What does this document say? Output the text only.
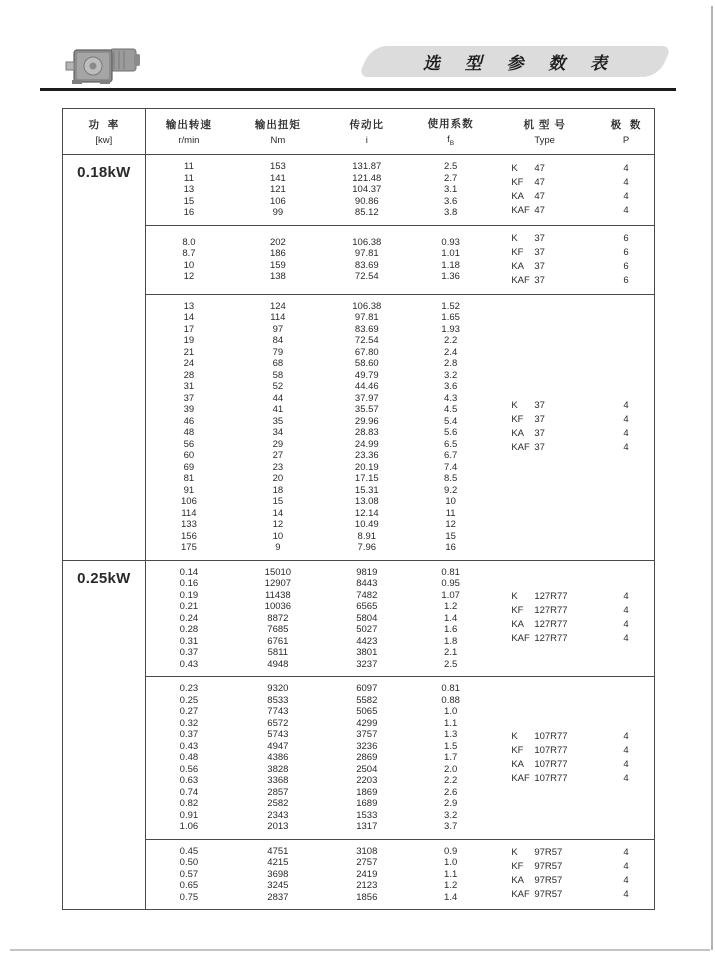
选 型 参 数 表
功  率
[kw]
输出转速
r/min
输出扭矩
Nm
传动比
i
使用系数
$f_B$
机 型 号
Type
极  数
P
0.18kW	11
11
13
15
16
153
141
121
106
99
131.87
121.48
104.37
90.86
85.12
2.5
2.7
3.1
3.6
3.8
K 47
KF 47
KA 47
KAF 47
4
4
4
4
8.0
8.7
10
12
202
186
159
138
106.38
97.81
83.69
72.54
0.93
1.01
1.18
1.36
K 37
KF 37
KA 37
KAF 37
6
6
6
6
13
14
17
19
21
24
28
31
37
39
46
48
56
60
69
81
91
106
114
133
156
175
124
114
97
84
79
68
58
52
44
41
35
34
29
27
23
20
18
15
14
12
10
9
106.38
97.81
83.69
72.54
67.80
58.60
49.79
44.46
37.97
35.57
29.96
28.83
24.99
23.36
20.19
17.15
15.31
13.08
12.14
10.49
8.91
7.96
1.52
1.65
1.93
2.2
2.4
2.8
3.2
3.6
4.3
4.5
5.4
5.6
6.5
6.7
7.4
8.5
9.2
10
11
12
15
16
K 37
KF 37
KA 37
KAF 37
4
4
4
4
0.25kW	0.14
0.16
0.19
0.21
0.24
0.28
0.31
0.37
0.43
15010
12907
11438
10036
8872
7685
6761
5811
4948
9819
8443
7482
6565
5804
5027
4423
3801
3237
0.81
0.95
1.07
1.2
1.4
1.6
1.8
2.1
2.5
K 127R77
KF 127R77
KA 127R77
KAF 127R77
4
4
4
4
0.23
0.25
0.27
0.32
0.37
0.43
0.48
0.56
0.63
0.74
0.82
0.91
1.06
9320
8533
7743
6572
5743
4947
4386
3828
3368
2857
2582
2343
2013
6097
5582
5065
4299
3757
3236
2869
2504
2203
1869
1689
1533
1317
0.81
0.88
1.0
1.1
1.3
1.5
1.7
2.0
2.2
2.6
2.9
3.2
3.7
K 107R77
KF 107R77
KA 107R77
KAF 107R77
4
4
4
4
0.45
0.50
0.57
0.65
0.75
4751
4215
3698
3245
2837
3108
2757
2419
2123
1856
0.9
1.0
1.1
1.2
1.4
K 97R57
KF 97R57
KA 97R57
KAF 97R57
4
4
4
4
